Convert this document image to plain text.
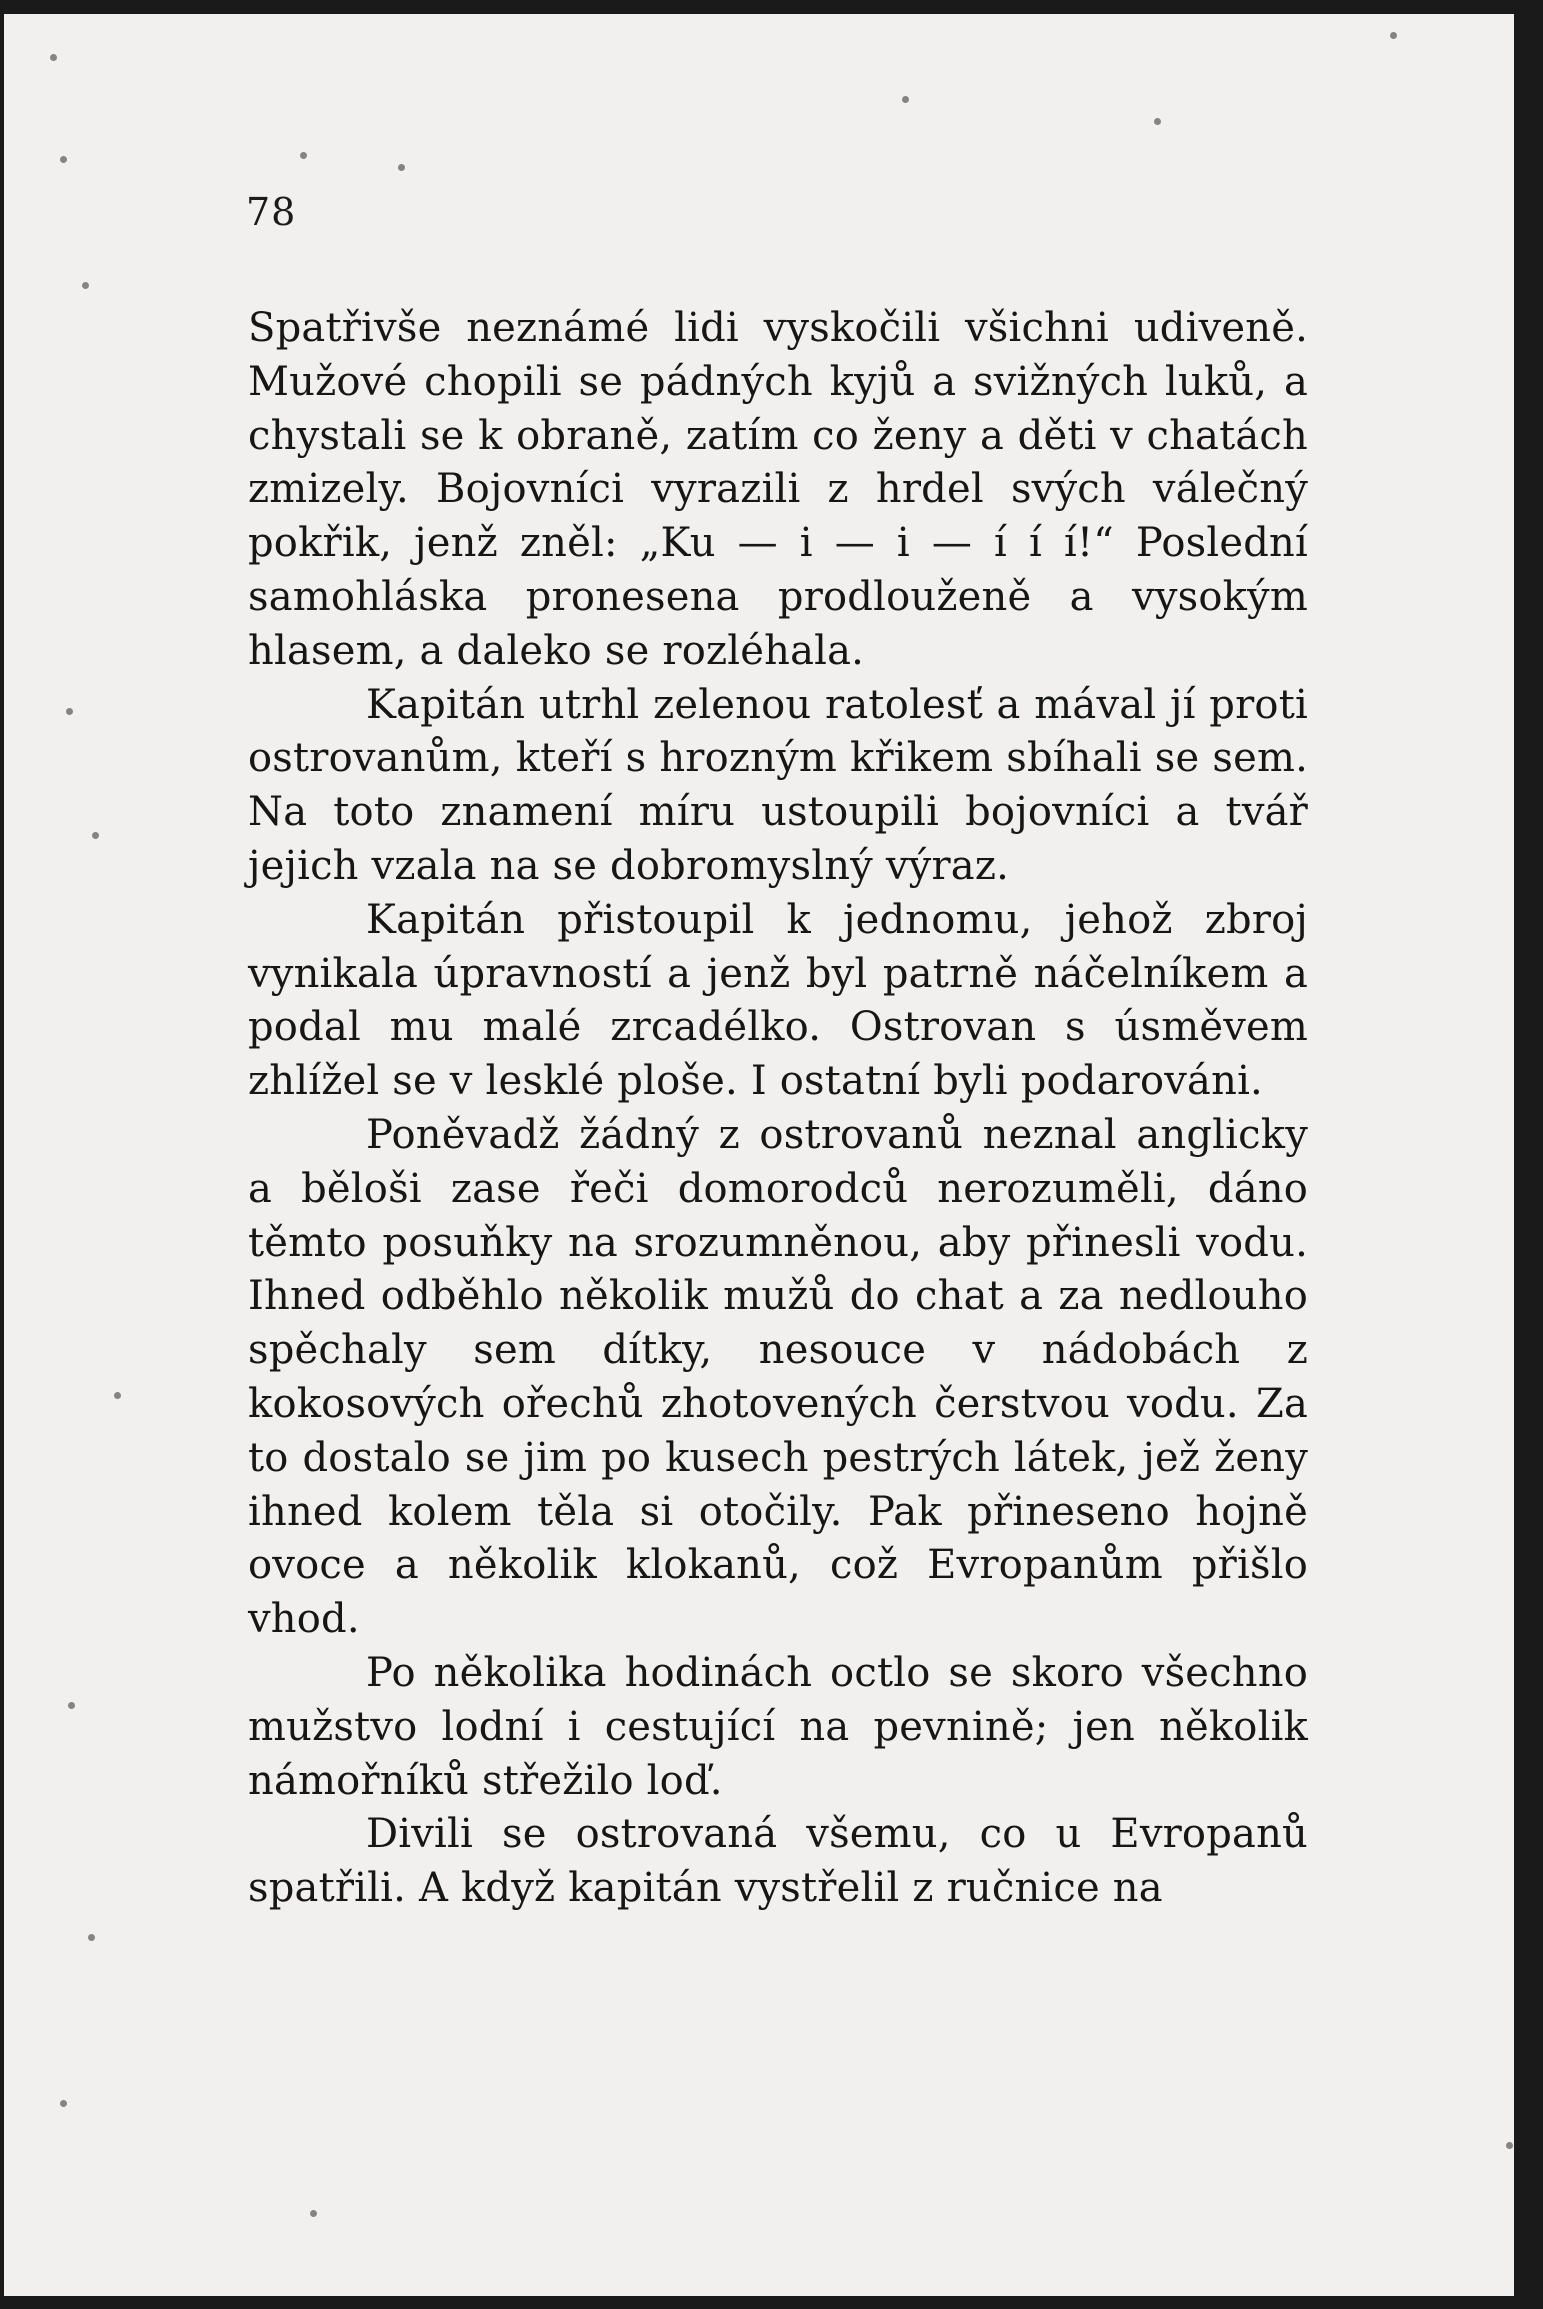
78

Spatřivše neznámé lidi vyskočili všichni udiveně. Mužové chopili se pádných kyjů a svižných luků, a chystali se k obraně, zatím co ženy a děti v chatách zmizely. Bojovníci vyrazili z hrdel svých válečný pokřik, jenž zněl: „Ku — i — i — í í í!“ Poslední samohláska pronesena prodlouženě a vysokým hlasem, a daleko se rozléhala.

Kapitán utrhl zelenou ratolesť a mával jí proti ostrovanům, kteří s hrozným křikem sbíhali se sem. Na toto znamení míru ustoupili bojovníci a tvář jejich vzala na se dobromyslný výraz.

Kapitán přistoupil k jednomu, jehož zbroj vynikala úpravností a jenž byl patrně náčelníkem a podal mu malé zrcadélko. Ostrovan s úsměvem zhlížel se v lesklé ploše. I ostatní byli podarováni.

Poněvadž žádný z ostrovanů neznal anglicky a běloši zase řeči domorodců nerozuměli, dáno těmto posuňky na srozumněnou, aby přinesli vodu. Ihned odběhlo několik mužů do chat a za nedlouho spěchaly sem dítky, nesouce v nádobách z kokosových ořechů zhotovených čerstvou vodu. Za to dostalo se jim po kusech pestrých látek, jež ženy ihned kolem těla si otočily. Pak přineseno hojně ovoce a několik klokanů, což Evropanům přišlo vhod.

Po několika hodinách octlo se skoro všechno mužstvo lodní i cestující na pevnině; jen několik námořníků střežilo loď.

Divili se ostrovaná všemu, co u Evropanů spatřili. A když kapitán vystřelil z ručnice na
